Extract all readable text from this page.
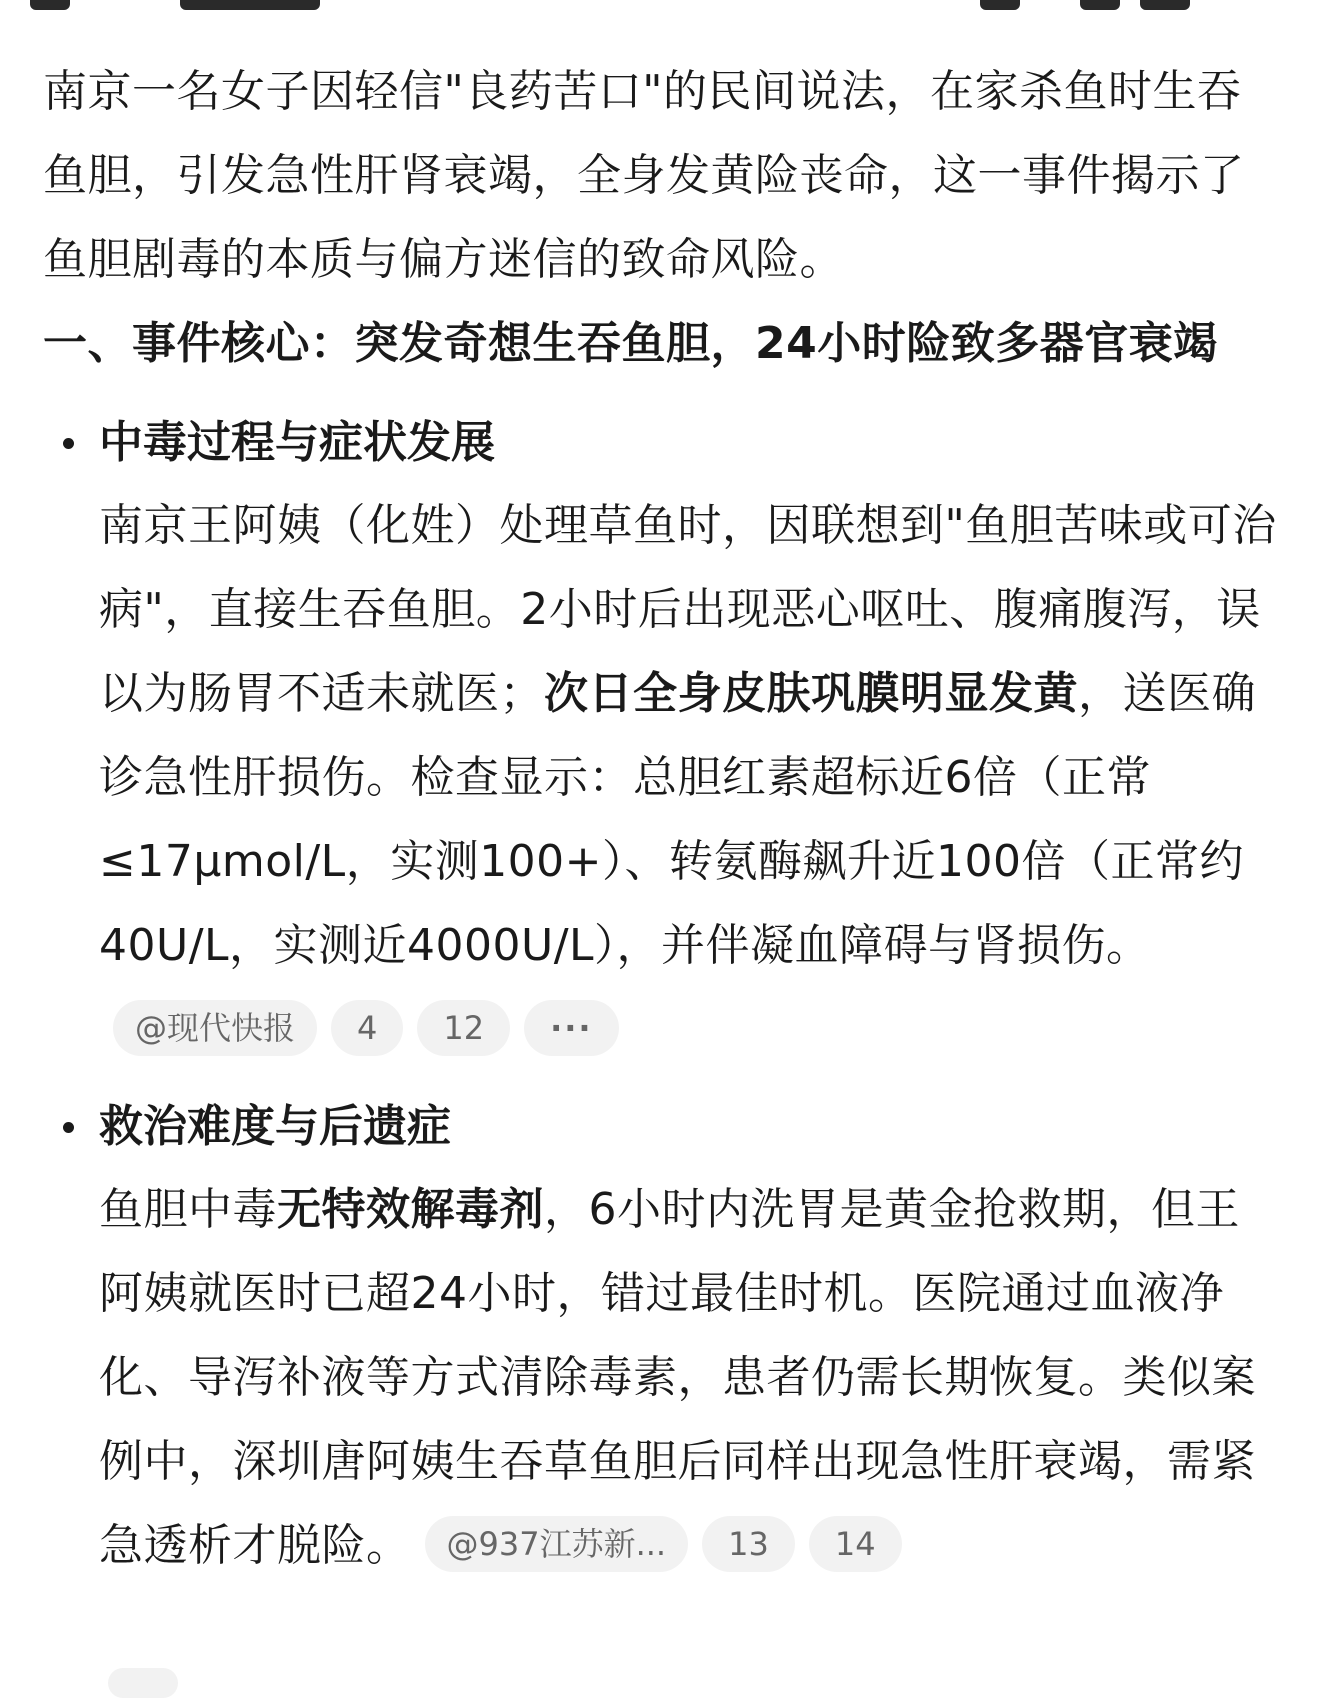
南京一名女子因轻信"良药苦口"的民间说法，在家杀鱼时生吞鱼胆，引发急性肝肾衰竭，全身发黄险丧命，这一事件揭示了鱼胆剧毒的本质与偏方迷信的致命风险。

一、事件核心：突发奇想生吞鱼胆，24小时险致多器官衰竭
中毒过程与症状发展

南京王阿姨（化姓）处理草鱼时，因联想到"鱼胆苦味或可治病"，直接生吞鱼胆。2小时后出现恶心呕吐、腹痛腹泻，误以为肠胃不适未就医；次日全身皮肤巩膜明显发黄，送医确诊急性肝损伤。检查显示：总胆红素超标近6倍（正常≤17μmol/L，实测100+）、转氨酶飙升近100倍（正常约40U/L，实测近4000U/L），并伴凝血障碍与肾损伤。@现代快报 4 12 ···

救治难度与后遗症

鱼胆中毒无特效解毒剂，6小时内洗胃是黄金抢救期，但王阿姨就医时已超24小时，错过最佳时机。医院通过血液净化、导泻补液等方式清除毒素，患者仍需长期恢复。类似案例中，深圳唐阿姨生吞草鱼胆后同样出现急性肝衰竭，需紧急透析才脱险。 @937江苏新... 13 14
